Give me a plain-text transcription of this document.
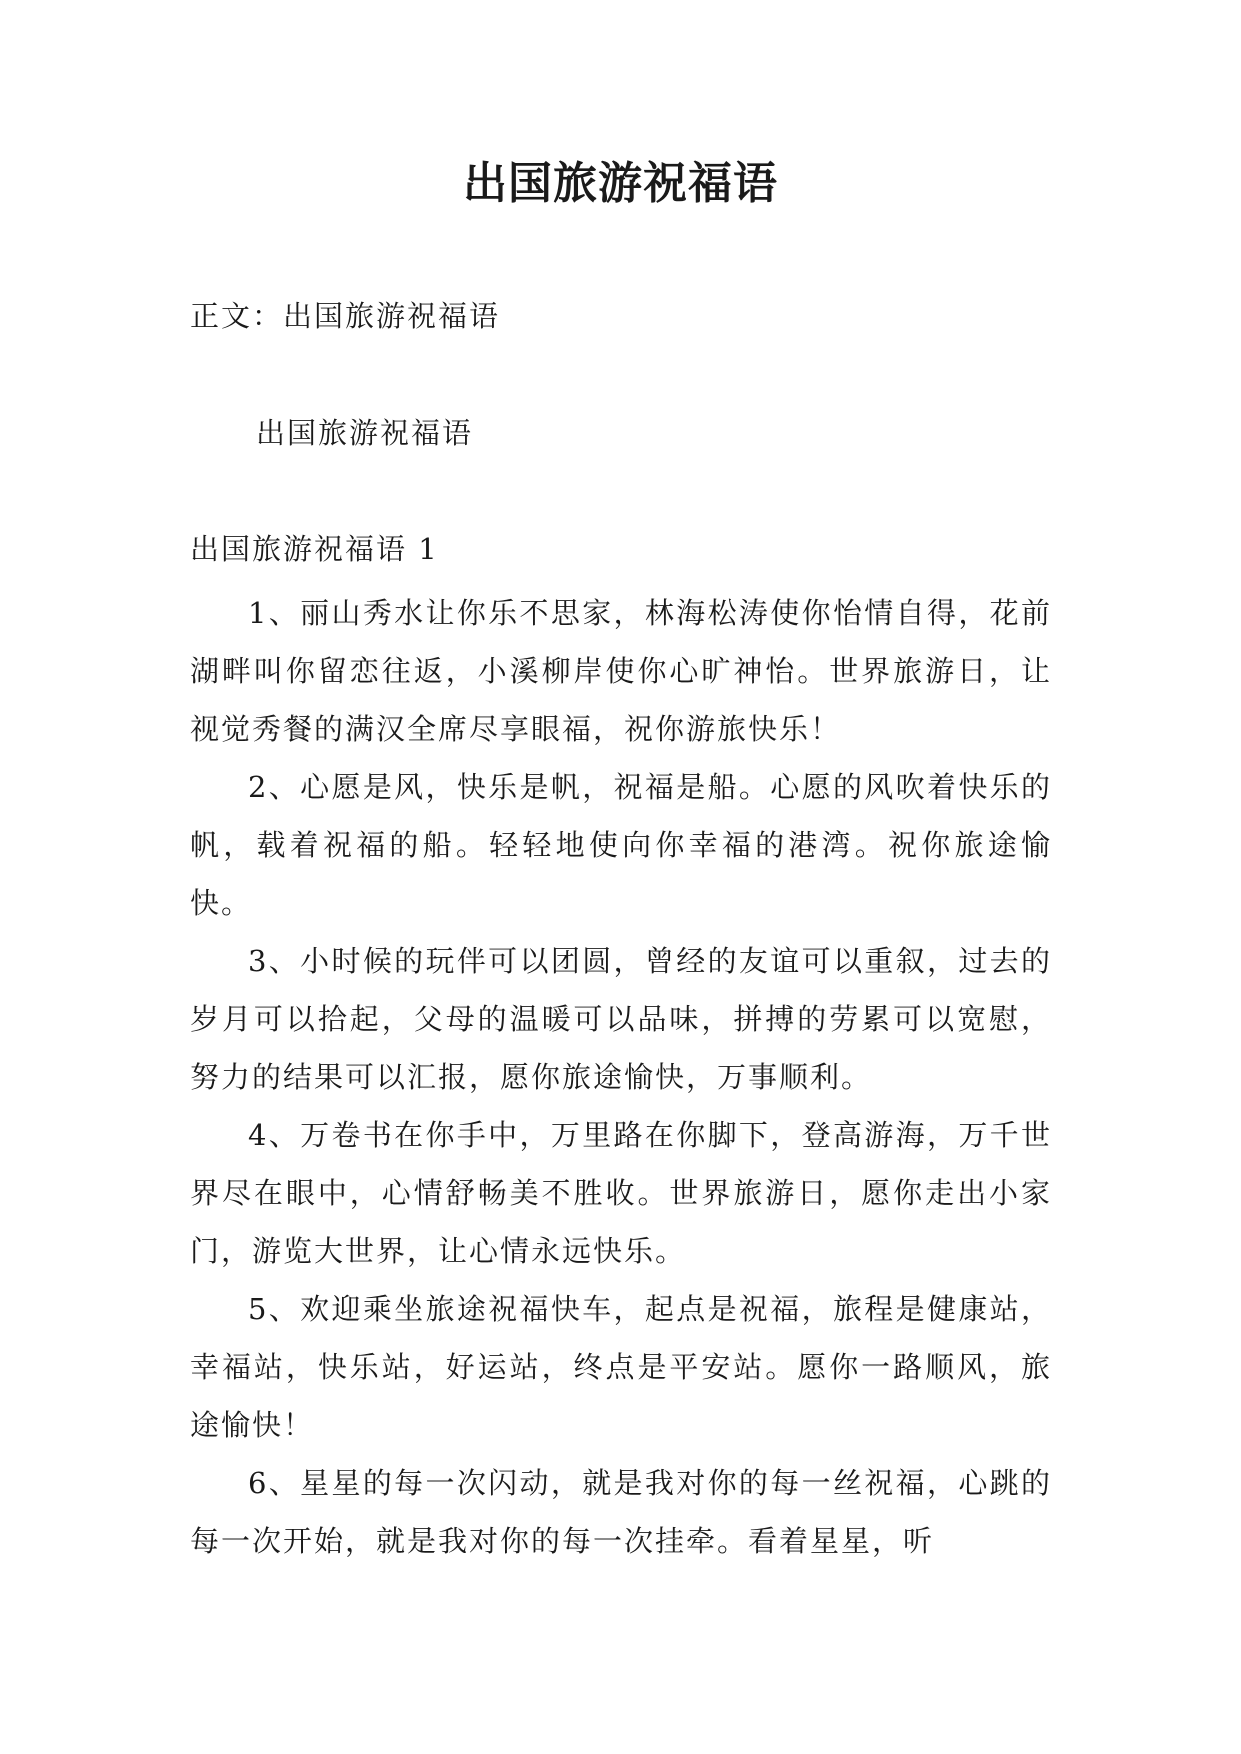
出国旅游祝福语
正文：出国旅游祝福语
出国旅游祝福语
出国旅游祝福语 1

1、丽山秀水让你乐不思家，林海松涛使你怡情自得，花前湖畔叫你留恋往返，小溪柳岸使你心旷神怡。世界旅游日，让视觉秀餐的满汉全席尽享眼福，祝你游旅快乐！

2、心愿是风，快乐是帆，祝福是船。心愿的风吹着快乐的帆，载着祝福的船。轻轻地使向你幸福的港湾。祝你旅途愉快。

3、小时候的玩伴可以团圆，曾经的友谊可以重叙，过去的岁月可以拾起，父母的温暖可以品味，拼搏的劳累可以宽慰，努力的结果可以汇报，愿你旅途愉快，万事顺利。

4、万卷书在你手中，万里路在你脚下，登高游海，万千世界尽在眼中，心情舒畅美不胜收。世界旅游日，愿你走出小家门，游览大世界，让心情永远快乐。

5、欢迎乘坐旅途祝福快车，起点是祝福，旅程是健康站，幸福站，快乐站，好运站，终点是平安站。愿你一路顺风，旅途愉快！

6、星星的每一次闪动，就是我对你的每一丝祝福，心跳的每一次开始，就是我对你的每一次挂牵。看着星星，听
